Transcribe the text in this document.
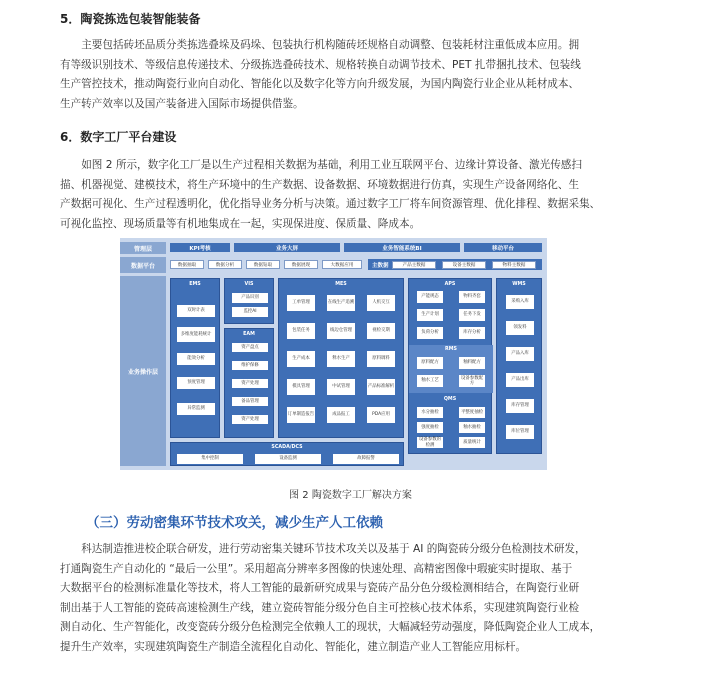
5．陶瓷拣选包装智能装备
主要包括砖坯品质分类拣选叠垛及码垛、包装执行机构随砖坯规格自动调整、包装耗材注重低成本应用。拥
有等级识别技术、等级信息传递技术、分级拣选叠砖技术、规格转换自动调节技术、PET 扎带捆扎技术、包装线
生产管控技术，推动陶瓷行业向自动化、智能化以及数字化等方向升级发展，为国内陶瓷行业企业从耗材成本、
生产转产效率以及国产装备进入国际市场提供借鉴。
6．数字工厂平台建设
如图 2 所示，数字化工厂是以生产过程相关数据为基础，利用工业互联网平台、边缘计算设备、激光传感扫
描、机器视觉、建模技术，将生产环境中的生产数据、设备数据、环境数据进行仿真，实现生产设备网络化、生
产数据可视化、生产过程透明化，优化指导业务分析与决策。通过数字工厂将车间资源管理、优化排程、数据采集、
可视化监控、现场质量等有机地集成在一起，实现保进度、保质量、降成本。
管理层	KPI考核	业务大屏	业务智能系统BI	移动平台
数据平台	数据抽取	数据分析	数据钻取	数据展现	大数据应用	主数据	产品主数据	设备主数据	物料主数据
业务操作层
EMS
双时计表
多维度能耗统计
能效分析
预度管理
异常监测
VIS
产品识别
监控AI
EAM
资产盘点
维护保修
资产处理
备品管理
资产处理
MES
工单管理	在线生产追溯	人机交互
包装任务	线边仓管理	视检交期
生产成本	释水生产	原料调料
模具管理	中试管理	产品标准解析
订单制造报告	成品报工	PDA应用
APS
产能规态	物料齐套
生产计划	任务下发
负荷分析	库存分析
RMS
原料配方	釉料配方
釉水工艺
设备参数配方
QMS
水分抽检	平整度抽检
强度抽检	釉水抽检
设备参数的检测
质量统计
WMS
采购入库
领发料
产品入库
产品出库
库存管理
库位管理
SCADA/DCS
集中控制	设备监测	故障报警
图 2 陶瓷数字工厂解决方案
（三）劳动密集环节技术攻关，减少生产人工依赖
科达制造推进校企联合研发，进行劳动密集关键环节技术攻关以及基于 AI 的陶瓷砖分级分色检测技术研发，
打通陶瓷生产自动化的 “最后一公里”。采用超高分辨率多图像的快速处理、高精密图像中瑕疵实时提取、基于
大数据平台的检测标准量化等技术，将人工智能的最新研究成果与瓷砖产品分色分级检测相结合，在陶瓷行业研
制出基于人工智能的瓷砖高速检测生产线，建立瓷砖智能分级分色自主可控核心技术体系，实现建筑陶瓷行业检
测自动化、生产智能化，改变瓷砖分级分色检测完全依赖人工的现状，大幅减轻劳动强度，降低陶瓷企业人工成本，
提升生产效率，实现建筑陶瓷生产制造全流程化自动化、智能化，建立制造产业人工智能应用标杆。
